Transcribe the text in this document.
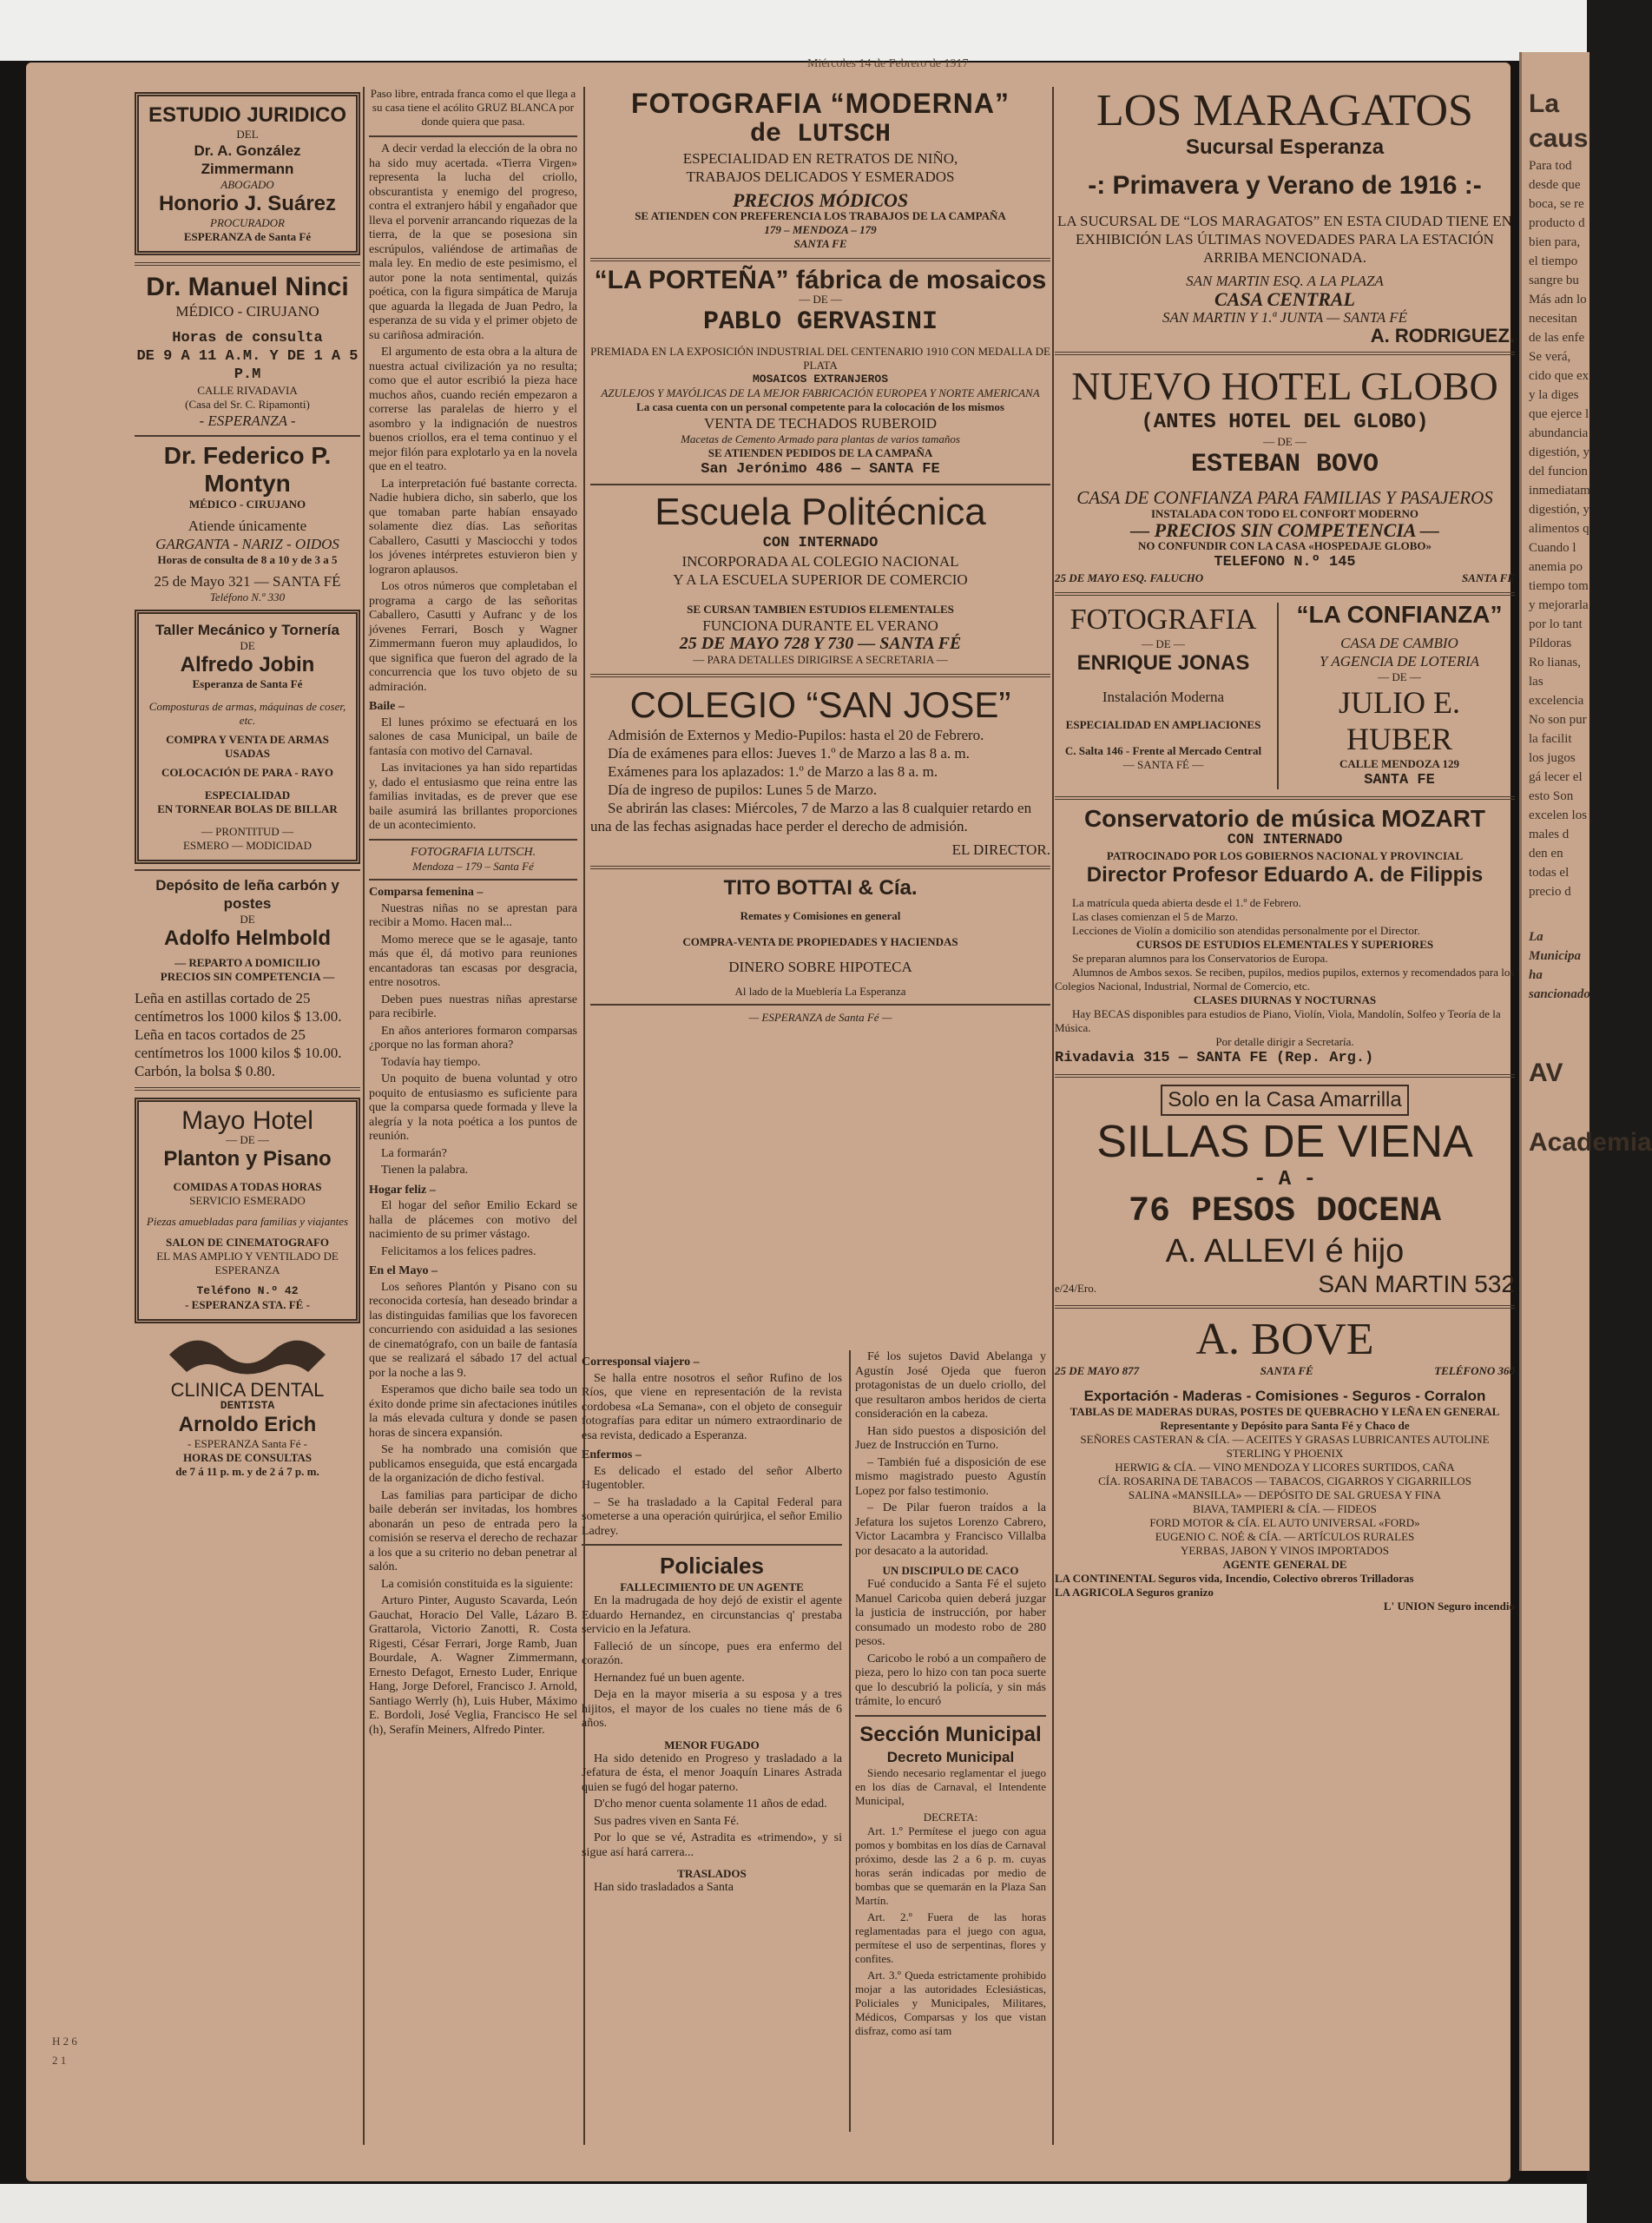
Miércoles 14 de Febrero de 1917
La caus
Para tod desde que boca, se re producto d bien para, el tiempo sangre bu Más adn lo necesitan de las enfe Se verá, cido que ex y la diges que ejerce l abundancia digestión, y del funcion inmediatam digestión, y alimentos q Cuando l anemia po tiempo tom y mejorarla por lo tant Píldoras Ro lianas, las excelencia No son pur la facilit los jugos gá lecer el esto Son excelen los males d den en todas el precio d
La Municipa ha sancionado
AV
Academia
ESTUDIO JURIDICO
DEL
Dr. A. González Zimmermann
ABOGADO
Honorio J. Suárez
PROCURADOR
ESPERANZA de Santa Fé
Dr. Manuel Ninci
MÉDICO - CIRUJANO
Horas de consulta
DE 9 A 11 A.M. Y DE 1 A 5 P.M
CALLE RIVADAVIA
(Casa del Sr. C. Ripamonti)
- ESPERANZA -
Dr. Federico P. Montyn
MÉDICO - CIRUJANO
Atiende únicamente
GARGANTA - NARIZ - OIDOS
Horas de consulta de 8 a 10 y de 3 a 5
25 de Mayo 321 — SANTA FÉ
Teléfono N.º 330
Taller Mecánico y Tornería
DE
Alfredo Jobin
Esperanza de Santa Fé
Composturas de armas, máquinas de coser, etc.
COMPRA Y VENTA DE ARMAS USADAS
COLOCACIÓN DE PARA - RAYO
ESPECIALIDAD
EN TORNEAR BOLAS DE BILLAR
— PRONTITUD —
ESMERO — MODICIDAD
Depósito de leña carbón y postes
DE
Adolfo Helmbold
— REPARTO A DOMICILIO
PRECIOS SIN COMPETENCIA —
Leña en astillas cortado de 25 centímetros los 1000 kilos $ 13.00.
Leña en tacos cortados de 25 centímetros los 1000 kilos $ 10.00.
Carbón, la bolsa $ 0.80.
Mayo Hotel
— DE —
Planton y Pisano
COMIDAS A TODAS HORAS
SERVICIO ESMERADO
Piezas amuebladas para familias y viajantes
SALON DE CINEMATOGRAFO
EL MAS AMPLIO Y VENTILADO DE ESPERANZA
Teléfono N.º 42
- ESPERANZA STA. FÉ -
CLINICA DENTAL
DENTISTA
Arnoldo Erich
- ESPERANZA Santa Fé -
HORAS DE CONSULTAS
de 7 á 11 p. m. y de 2 á 7 p. m.
Paso libre, entrada franca como el que llega a su casa tiene el acólito GRUZ BLANCA por donde quiera que pasa.

A decir verdad la elección de la obra no ha sido muy acertada. «Tierra Virgen» representa la lucha del criollo, obscurantista y enemigo del progreso, contra el extranjero hábil y engañador que lleva el porvenir arrancando riquezas de la tierra, de la que se posesiona sin escrúpulos, valiéndose de artimañas de mala ley. En medio de este pesimismo, el autor pone la nota sentimental, quizás poética, con la figura simpática de Maruja que aguarda la llegada de Juan Pedro, la esperanza de su vida y el primer objeto de su cariñosa admiración.

El argumento de esta obra a la altura de nuestra actual civilización ya no resulta; como que el autor escribió la pieza hace muchos años, cuando recién empezaron a correrse las paralelas de hierro y el asombro y la indignación de nuestros buenos criollos, era el tema continuo y el mejor filón para explotarlo ya en la novela que en el teatro.

La interpretación fué bastante correcta. Nadie hubiera dicho, sin saberlo, que los que tomaban parte habían ensayado solamente diez días. Las señoritas Caballero, Casutti y Masciocchi y todos los jóvenes intérpretes estuvieron bien y lograron aplausos.

Los otros números que completaban el programa a cargo de las señoritas Caballero, Casutti y Aufranc y de los jóvenes Ferrari, Bosch y Wagner Zimmermann fueron muy aplaudidos, lo que significa que fueron del agrado de la concurrencia que los tuvo objeto de su admiración.

Baile –

El lunes próximo se efectuará en los salones de casa Municipal, un baile de fantasía con motivo del Carnaval.

Las invitaciones ya han sido repartidas y, dado el entusiasmo que reina entre las familias invitadas, es de prever que ese baile asumirá las brillantes proporciones de un acontecimiento.

FOTOGRAFIA LUTSCH.
Mendoza – 179 – Santa Fé
Comparsa femenina –

Nuestras niñas no se aprestan para recibir a Momo. Hacen mal...

Momo merece que se le agasaje, tanto más que él, dá motivo para reuniones encantadoras tan escasas por desgracia, entre nosotros.

Deben pues nuestras niñas aprestarse para recibirle.

En años anteriores formaron comparsas ¿porque no las forman ahora?

Todavía hay tiempo.

Un poquito de buena voluntad y otro poquito de entusiasmo es suficiente para que la comparsa quede formada y lleve la alegría y la nota poética a los puntos de reunión.

La formarán?

Tienen la palabra.

Hogar feliz –

El hogar del señor Emilio Eckard se halla de plácemes con motivo del nacimiento de su primer vástago.

Felicitamos a los felices padres.

En el Mayo –

Los señores Plantón y Pisano con su reconocida cortesía, han deseado brindar a las distinguidas familias que los favorecen concurriendo con asiduidad a las sesiones de cinematógrafo, con un baile de fantasía que se realizará el sábado 17 del actual por la noche a las 9.

Esperamos que dicho baile sea todo un éxito donde prime sin afectaciones inútiles la más elevada cultura y donde se pasen horas de sincera expansión.

Se ha nombrado una comisión que publicamos enseguida, que está encargada de la organización de dicho festival.

Las familias para participar de dicho baile deberán ser invitadas, los hombres abonarán un peso de entrada pero la comisión se reserva el derecho de rechazar a los que a su criterio no deban penetrar al salón.

La comisión constituida es la siguiente:

Arturo Pinter, Augusto Scavarda, León Gauchat, Horacio Del Valle, Lázaro B. Grattarola, Victorio Zanotti, R. Costa Rigesti, César Ferrari, Jorge Ramb, Juan Bourdale, A. Wagner Zimmermann, Ernesto Defagot, Ernesto Luder, Enrique Hang, Jorge Deforel, Francisco J. Arnold, Santiago Werrly (h), Luis Huber, Máximo E. Bordoli, José Veglia, Francisco He sel (h), Serafín Meiners, Alfredo Pinter.

FOTOGRAFIA “MODERNA”
de LUTSCH
ESPECIALIDAD EN RETRATOS DE NIÑO,
TRABAJOS DELICADOS Y ESMERADOS
PRECIOS MÓDICOS
SE ATIENDEN CON PREFERENCIA LOS TRABAJOS DE LA CAMPAÑA
179 – MENDOZA – 179
SANTA FE
“LA PORTEÑA” fábrica de mosaicos
— DE —
PABLO GERVASINI
PREMIADA EN LA EXPOSICIÓN INDUSTRIAL DEL CENTENARIO 1910 CON MEDALLA DE PLATA
MOSAICOS EXTRANJEROS
AZULEJOS Y MAYÓLICAS DE LA MEJOR FABRICACIÓN EUROPEA Y NORTE AMERICANA
La casa cuenta con un personal competente para la colocación de los mismos
VENTA DE TECHADOS RUBEROID
Macetas de Cemento Armado para plantas de varios tamaños
SE ATIENDEN PEDIDOS DE LA CAMPAÑA
San Jerónimo 486 — SANTA FE
Escuela Politécnica
CON INTERNADO
INCORPORADA AL COLEGIO NACIONAL
Y A LA ESCUELA SUPERIOR DE COMERCIO
SE CURSAN TAMBIEN ESTUDIOS ELEMENTALES
FUNCIONA DURANTE EL VERANO
25 DE MAYO 728 Y 730 — SANTA FÉ
— PARA DETALLES DIRIGIRSE A SECRETARIA —
COLEGIO “SAN JOSE”
Admisión de Externos y Medio-Pupilos: hasta el 20 de Febrero.
Día de exámenes para ellos: Jueves 1.º de Marzo a las 8 a. m.
Exámenes para los aplazados: 1.º de Marzo a las 8 a. m.
Día de ingreso de pupilos: Lunes 5 de Marzo.
Se abrirán las clases: Miércoles, 7 de Marzo a las 8 cualquier retardo en una de las fechas asignadas hace perder el derecho de admisión.
EL DIRECTOR.
TITO BOTTAI & Cía.
Remates y Comisiones en general
COMPRA-VENTA DE PROPIEDADES Y HACIENDAS
DINERO SOBRE HIPOTECA
Al lado de la Mueblería La Esperanza
— ESPERANZA de Santa Fé —
Corresponsal viajero –

Se halla entre nosotros el señor Rufino de los Ríos, que viene en representación de la revista cordobesa «La Semana», con el objeto de conseguir fotografías para editar un número extraordinario de esa revista, dedicado a Esperanza.

Enfermos –

Es delicado el estado del señor Alberto Hugentobler.

– Se ha trasladado a la Capital Federal para someterse a una operación quirúrjica, el señor Emilio Ladrey.

Policiales
FALLECIMIENTO DE UN AGENTE

En la madrugada de hoy dejó de existir el agente Eduardo Hernandez, en circunstancias q' prestaba servicio en la Jefatura.

Falleció de un síncope, pues era enfermo del corazón.

Hernandez fué un buen agente.

Deja en la mayor miseria a su esposa y a tres hijitos, el mayor de los cuales no tiene más de 6 años.

MENOR FUGADO

Ha sido detenido en Progreso y trasladado a la Jefatura de ésta, el menor Joaquín Linares Astrada quien se fugó del hogar paterno.

D'cho menor cuenta solamente 11 años de edad.

Sus padres viven en Santa Fé.

Por lo que se vé, Astradita es «trimendo», y si sigue así hará carrera...

TRASLADOS

Han sido trasladados a Santa

Fé los sujetos David Abelanga y Agustín José Ojeda que fueron protagonistas de un duelo criollo, del que resultaron ambos heridos de cierta consideración en la cabeza.

Han sido puestos a disposición del Juez de Instrucción en Turno.

– También fué a disposición de ese mismo magistrado puesto Agustín Lopez por falso testimonio.

– De Pilar fueron traídos a la Jefatura los sujetos Lorenzo Cabrero, Victor Lacambra y Francisco Villalba por desacato a la autoridad.

UN DISCIPULO DE CACO

Fué conducido a Santa Fé el sujeto Manuel Caricoba quien deberá juzgar la justicia de instrucción, por haber consumado un modesto robo de 280 pesos.

Caricobo le robó a un compañero de pieza, pero lo hizo con tan poca suerte que lo descubrió la policía, y sin más trámite, lo encuró

Sección Municipal
Decreto Municipal

Siendo necesario reglamentar el juego en los días de Carnaval, el Intendente Municipal,

DECRETA:

Art. 1.º Permítese el juego con agua pomos y bombitas en los días de Carnaval próximo, desde las 2 a 6 p. m. cuyas horas serán indicadas por medio de bombas que se quemarán en la Plaza San Martín.

Art. 2.º Fuera de las horas reglamentadas para el juego con agua, permítese el uso de serpentinas, flores y confites.

Art. 3.º Queda estrictamente prohibido mojar a las autoridades Eclesiásticas, Policiales y Municipales, Militares, Médicos, Comparsas y los que vistan disfraz, como así tam

LOS MARAGATOS
Sucursal Esperanza
-: Primavera y Verano de 1916 :-
LA SUCURSAL DE “LOS MARAGATOS” EN ESTA CIUDAD TIENE EN EXHIBICIÓN LAS ÚLTIMAS NOVEDADES PARA LA ESTACIÓN ARRIBA MENCIONADA.
SAN MARTIN ESQ. A LA PLAZA
CASA CENTRAL
SAN MARTIN Y 1.ª JUNTA — SANTA FÉ
A. RODRIGUEZ.
NUEVO HOTEL GLOBO
(ANTES HOTEL DEL GLOBO)
— DE —
ESTEBAN BOVO
CASA DE CONFIANZA PARA FAMILIAS Y PASAJEROS
INSTALADA CON TODO EL CONFORT MODERNO
— PRECIOS SIN COMPETENCIA —
NO CONFUNDIR CON LA CASA «HOSPEDAJE GLOBO»
TELEFONO N.º 145
25 DE MAYO ESQ. FALUCHO	SANTA FE
FOTOGRAFIA
— DE —
ENRIQUE JONAS
Instalación Moderna
ESPECIALIDAD EN AMPLIACIONES
C. Salta 146 - Frente al Mercado Central
— SANTA FÉ —
“LA CONFIANZA”
CASA DE CAMBIO
Y AGENCIA DE LOTERIA
— DE —
JULIO E. HUBER
CALLE MENDOZA 129
SANTA FE
Conservatorio de música MOZART
CON INTERNADO
PATROCINADO POR LOS GOBIERNOS NACIONAL Y PROVINCIAL
Director Profesor Eduardo A. de Filippis
La matrícula queda abierta desde el 1.º de Febrero.
Las clases comienzan el 5 de Marzo.
Lecciones de Violín a domicilio son atendidas personalmente por el Director.
CURSOS DE ESTUDIOS ELEMENTALES Y SUPERIORES
Se preparan alumnos para los Conservatorios de Europa.
Alumnos de Ambos sexos. Se reciben, pupilos, medios pupilos, externos y recomendados para los Colegios Nacional, Industrial, Normal de Comercio, etc.
CLASES DIURNAS Y NOCTURNAS
Hay BECAS disponibles para estudios de Piano, Violín, Viola, Mandolín, Solfeo y Teoría de la Música.
Por detalle dirigir a Secretaría.
Rivadavia 315 — SANTA FE (Rep. Arg.)
Solo en la Casa Amarrilla
SILLAS DE VIENA
- A -
76 PESOS DOCENA
A. ALLEVI é hijo
e/24/Ero.	SAN MARTIN 532
A. BOVE
25 DE MAYO 877	SANTA FÉ	TELÉFONO 360
Exportación - Maderas - Comisiones - Seguros - Corralon
TABLAS DE MADERAS DURAS, POSTES DE QUEBRACHO Y LEÑA EN GENERAL
Representante y Depósito para Santa Fé y Chaco de
SEÑORES CASTERAN & CÍA. — ACEITES Y GRASAS LUBRICANTES AUTOLINE STERLING Y PHOENIX
HERWIG & CÍA. — VINO MENDOZA Y LICORES SURTIDOS, CAÑA
CÍA. ROSARINA DE TABACOS — TABACOS, CIGARROS Y CIGARRILLOS
SALINA «MANSILLA» — DEPÓSITO DE SAL GRUESA Y FINA
BIAVA, TAMPIERI & CÍA. — FIDEOS
FORD MOTOR & CÍA. EL AUTO UNIVERSAL «FORD»
EUGENIO C. NOÉ & CÍA. — ARTÍCULOS RURALES
YERBAS, JABON Y VINOS IMPORTADOS
AGENTE GENERAL DE
LA CONTINENTAL Seguros vida, Incendio, Colectivo obreros Trilladoras
LA AGRICOLA Seguros granizo
L' UNION Seguro incendio
H 2 6 2 1
